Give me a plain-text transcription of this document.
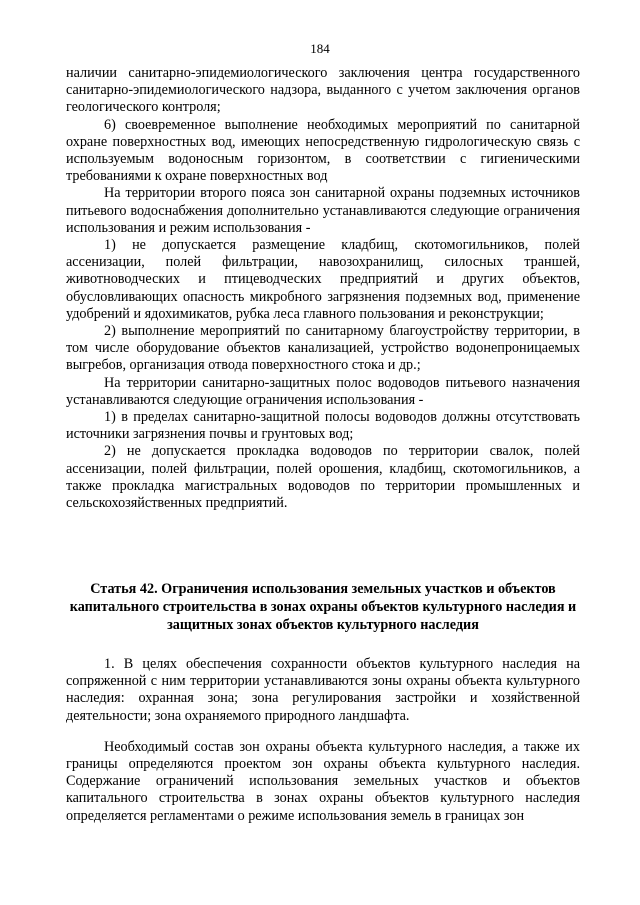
184

наличии санитарно-эпидемиологического заключения центра государственного санитарно-эпидемиологического надзора, выданного с учетом заключения органов геологического контроля;

6) своевременное выполнение необходимых мероприятий по санитарной охране поверхностных вод, имеющих непосредственную гидрологическую связь с используемым водоносным горизонтом, в соответствии с гигиеническими требованиями к охране поверхностных вод

На территории второго пояса зон санитарной охраны подземных источников питьевого водоснабжения дополнительно устанавливаются следующие ограничения использования и режим использования -

1) не допускается размещение кладбищ, скотомогильников, полей ассенизации, полей фильтрации, навозохранилищ, силосных траншей, животноводческих и птицеводческих предприятий и других объектов, обусловливающих опасность микробного загрязнения подземных вод, применение удобрений и ядохимикатов, рубка леса главного пользования и реконструкции;

2) выполнение мероприятий по санитарному благоустройству территории, в том числе оборудование объектов канализацией, устройство водонепроницаемых выгребов, организация отвода поверхностного стока и др.;

На территории санитарно-защитных полос водоводов питьевого назначения устанавливаются следующие ограничения использования -

1) в пределах санитарно-защитной полосы водоводов должны отсутствовать источники загрязнения почвы и грунтовых вод;

2) не допускается прокладка водоводов по территории свалок, полей ассенизации, полей фильтрации, полей орошения, кладбищ, скотомогильников, а также прокладка магистральных водоводов по территории промышленных и сельскохозяйственных предприятий.

Статья 42. Ограничения использования земельных участков и объектов капитального строительства в зонах охраны объектов культурного наследия и защитных зонах объектов культурного наследия

1. В целях обеспечения сохранности объектов культурного наследия на сопряженной с ним территории устанавливаются зоны охраны объекта культурного наследия: охранная зона; зона регулирования застройки и хозяйственной деятельности; зона охраняемого природного ландшафта.

Необходимый состав зон охраны объекта культурного наследия, а также их границы определяются проектом зон охраны объекта культурного наследия. Содержание ограничений использования земельных участков и объектов капитального строительства в зонах охраны объектов культурного наследия определяется регламентами о режиме использования земель в границах зон
